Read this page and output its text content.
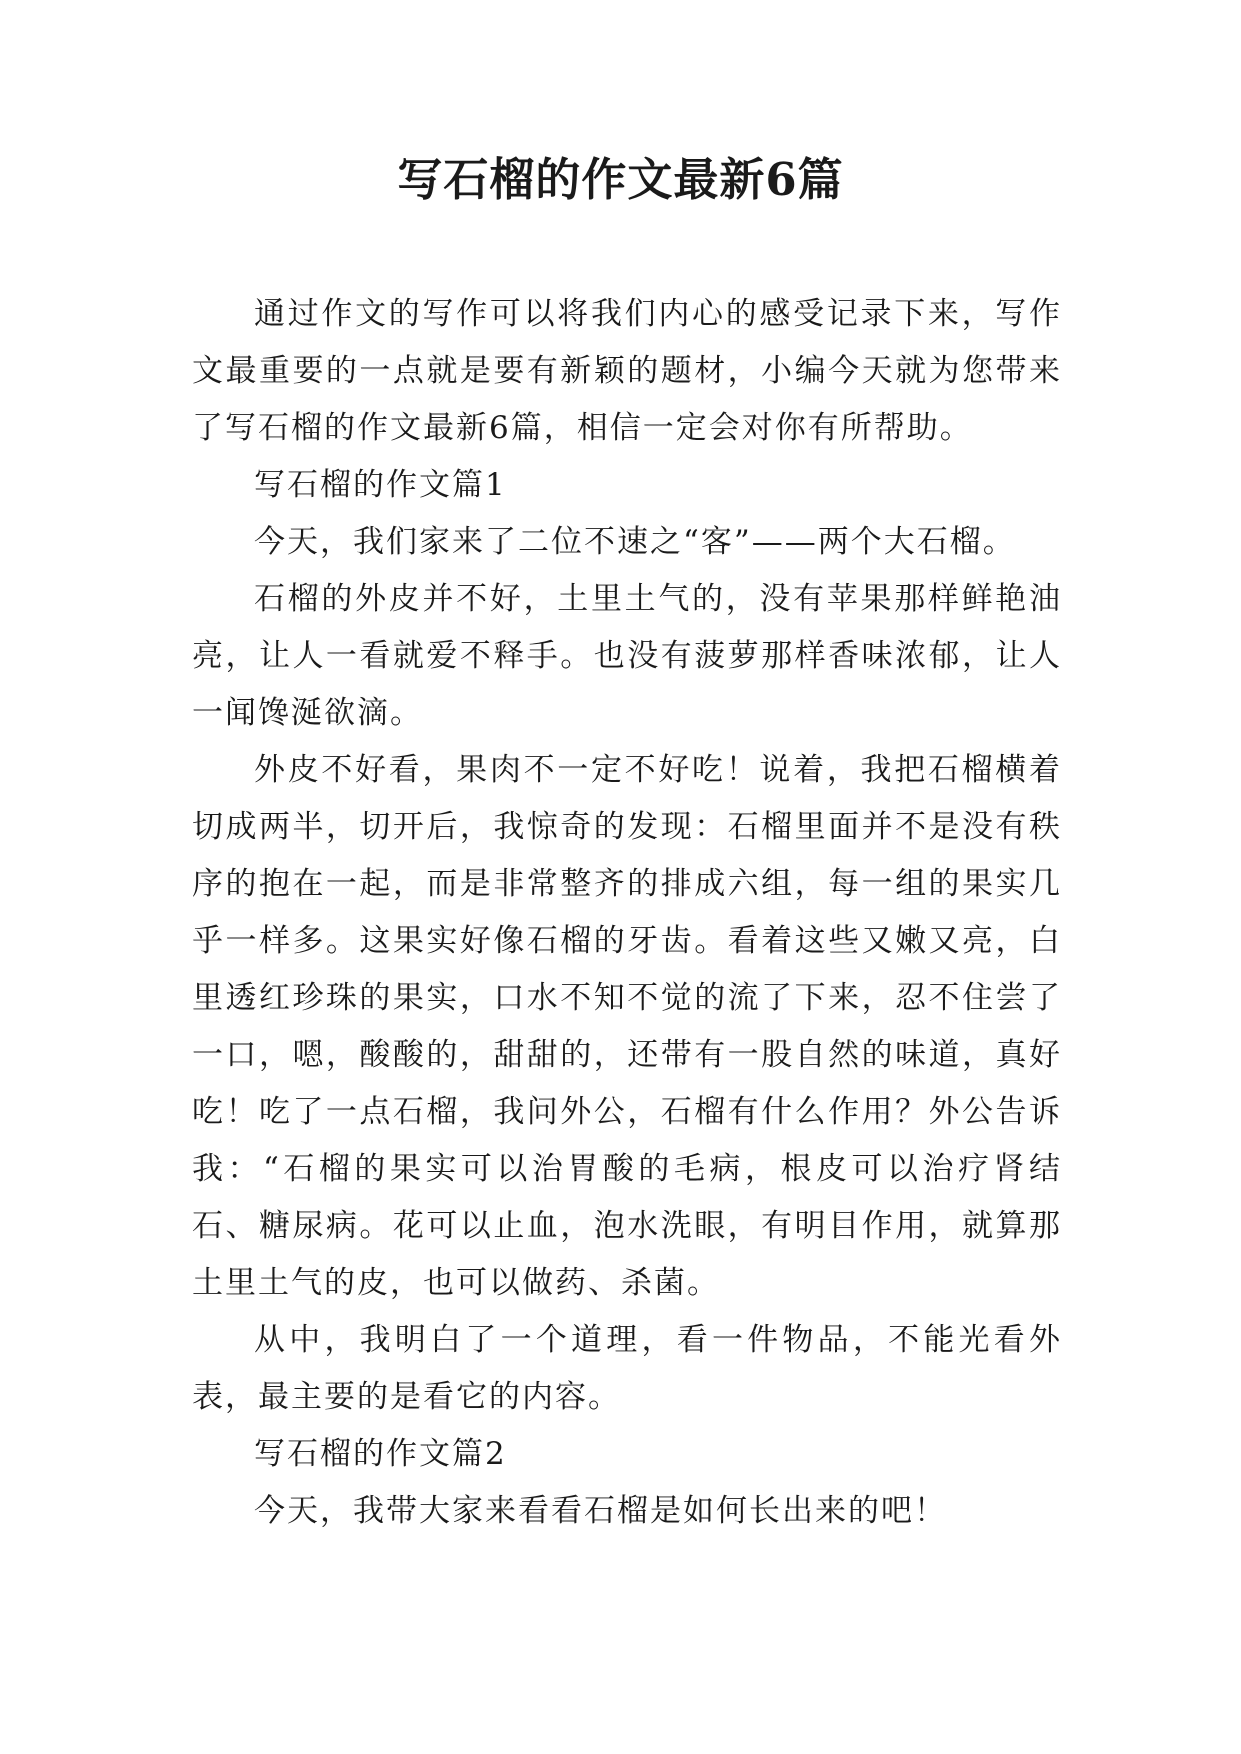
写石榴的作文最新6篇

通过作文的写作可以将我们内心的感受记录下来，写作文最重要的一点就是要有新颖的题材，小编今天就为您带来了写石榴的作文最新6篇，相信一定会对你有所帮助。

写石榴的作文篇1

今天，我们家来了二位不速之“客”——两个大石榴。

石榴的外皮并不好，土里土气的，没有苹果那样鲜艳油亮，让人一看就爱不释手。也没有菠萝那样香味浓郁，让人一闻馋涎欲滴。

外皮不好看，果肉不一定不好吃！说着，我把石榴横着切成两半，切开后，我惊奇的发现：石榴里面并不是没有秩序的抱在一起，而是非常整齐的排成六组，每一组的果实几乎一样多。这果实好像石榴的牙齿。看着这些又嫩又亮，白里透红珍珠的果实，口水不知不觉的流了下来，忍不住尝了一口，嗯，酸酸的，甜甜的，还带有一股自然的味道，真好吃！吃了一点石榴，我问外公，石榴有什么作用？外公告诉我：“石榴的果实可以治胃酸的毛病，根皮可以治疗肾结石、糖尿病。花可以止血，泡水洗眼，有明目作用，就算那土里土气的皮，也可以做药、杀菌。

从中，我明白了一个道理，看一件物品，不能光看外表，最主要的是看它的内容。

写石榴的作文篇2

今天，我带大家来看看石榴是如何长出来的吧！
